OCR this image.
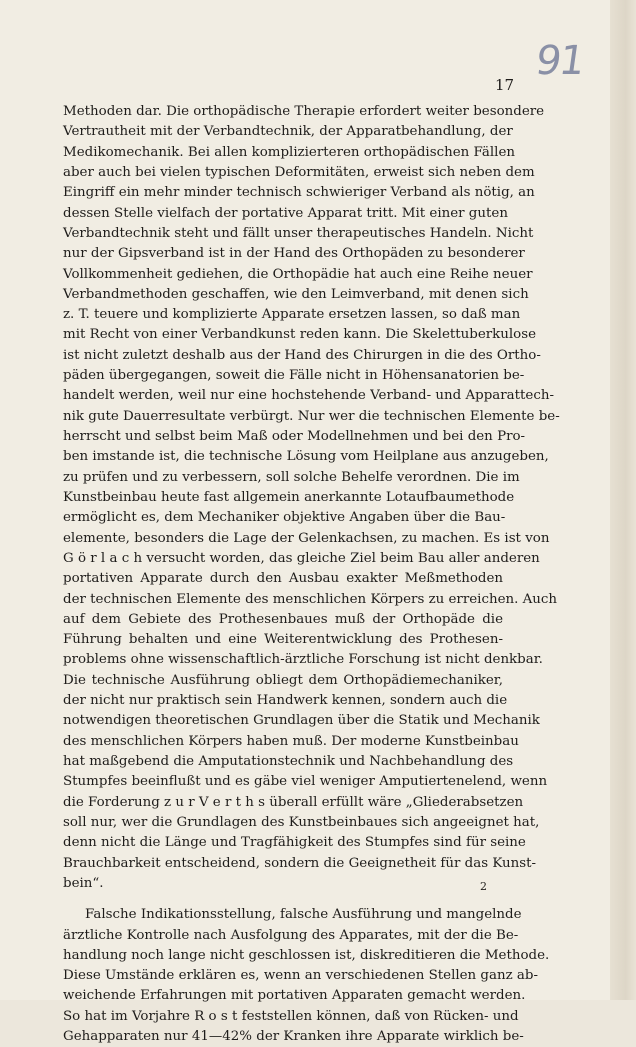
91
17
Methoden dar. Die orthopädische Therapie erfordert weiter besondere
Vertrautheit mit der Verbandtechnik, der Apparatbehandlung, der
Medikomechanik. Bei allen komplizierteren orthopädischen Fällen
aber auch bei vielen typischen Deformitäten, erweist sich neben dem
Eingriff ein mehr minder technisch schwieriger Verband als nötig, an
dessen Stelle vielfach der portative Apparat tritt. Mit einer guten
Verbandtechnik steht und fällt unser therapeutisches Handeln. Nicht
nur der Gipsverband ist in der Hand des Orthopäden zu besonderer
Vollkommenheit gediehen, die Orthopädie hat auch eine Reihe neuer
Verbandmethoden geschaffen, wie den Leimverband, mit denen sich
z. T. teuere und komplizierte Apparate ersetzen lassen, so daß man
mit Recht von einer Verbandkunst reden kann. Die Skelettuberkulose
ist nicht zuletzt deshalb aus der Hand des Chirurgen in die des Ortho-
päden übergegangen, soweit die Fälle nicht in Höhensanatorien be-
handelt werden, weil nur eine hochstehende Verband- und Apparattech-
nik gute Dauerresultate verbürgt. Nur wer die technischen Elemente be-
herrscht und selbst beim Maß oder Modellnehmen und bei den Pro-
ben imstande ist, die technische Lösung vom Heilplane aus anzugeben,
zu prüfen und zu verbessern, soll solche Behelfe verordnen. Die im
Kunstbeinbau heute fast allgemein anerkannte Lotaufbaumethode
ermöglicht es, dem Mechaniker objektive Angaben über die Bau-
elemente, besonders die Lage der Gelenkachsen, zu machen. Es ist von
G ö r l a c h versucht worden, das gleiche Ziel beim Bau aller anderen
portativen Apparate durch den Ausbau exakter Meßmethoden
der technischen Elemente des menschlichen Körpers zu erreichen. Auch
auf dem Gebiete des Prothesenbaues muß der Orthopäde die
Führung behalten und eine Weiterentwicklung des Prothesen-
problems ohne wissenschaftlich-ärztliche Forschung ist nicht denkbar.
Die technische Ausführung obliegt dem Orthopädiemechaniker,
der nicht nur praktisch sein Handwerk kennen, sondern auch die
notwendigen theoretischen Grundlagen über die Statik und Mechanik
des menschlichen Körpers haben muß. Der moderne Kunstbeinbau
hat maßgebend die Amputationstechnik und Nachbehandlung des
Stumpfes beeinflußt und es gäbe viel weniger Amputiertenelend, wenn
die Forderung z u r V e r t h s überall erfüllt wäre „Gliederabsetzen
soll nur, wer die Grundlagen des Kunstbeinbaues sich angeeignet hat,
denn nicht die Länge und Tragfähigkeit des Stumpfes sind für seine
Brauchbarkeit entscheidend, sondern die Geeignetheit für das Kunst-
bein“.
Falsche Indikationsstellung, falsche Ausführung und mangelnde
ärztliche Kontrolle nach Ausfolgung des Apparates, mit der die Be-
handlung noch lange nicht geschlossen ist, diskreditieren die Methode.
Diese Umstände erklären es, wenn an verschiedenen Stellen ganz ab-
weichende Erfahrungen mit portativen Apparaten gemacht werden.
So hat im Vorjahre R o s t feststellen können, daß von Rücken- und
Gehapparaten nur 41—42% der Kranken ihre Apparate wirklich be-
2
